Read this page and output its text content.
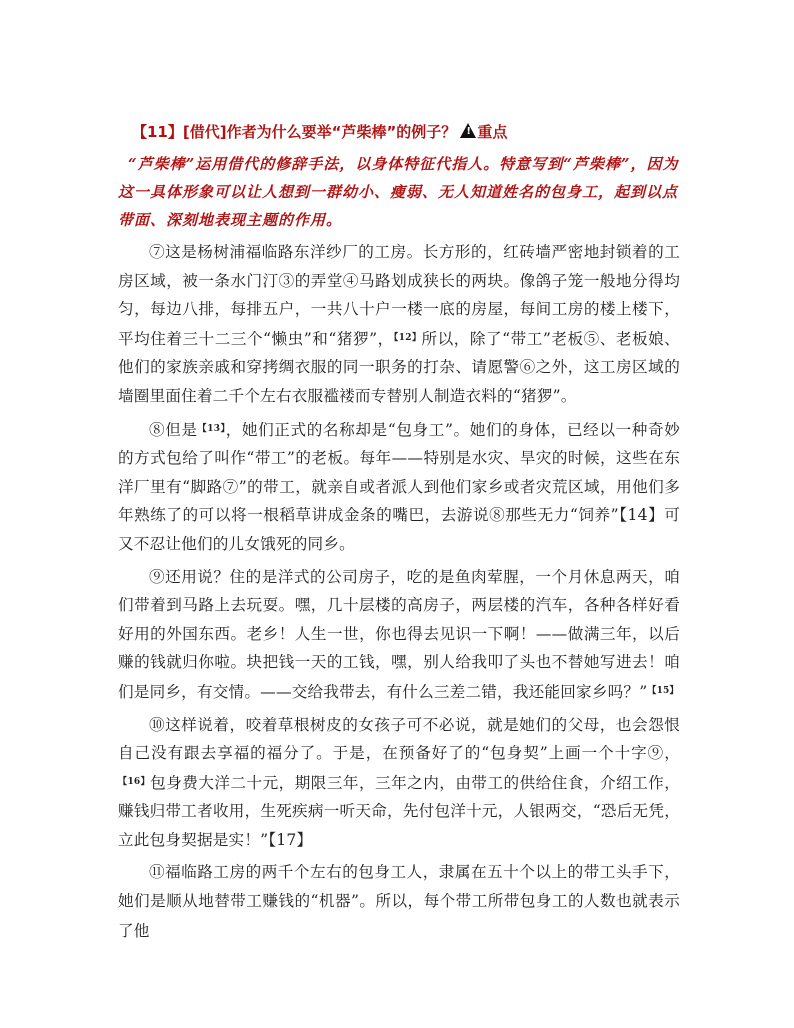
【11】[借代]作者为什么要举“芦柴棒”的例子？! 重点

“芦柴棒”运用借代的修辞手法，以身体特征代指人。特意写到“芦柴棒”，因为这一具体形象可以让人想到一群幼小、瘦弱、无人知道姓名的包身工，起到以点带面、深刻地表现主题的作用。

⑦这是杨树浦福临路东洋纱厂的工房。长方形的，红砖墙严密地封锁着的工房区域，被一条水门汀③的弄堂④马路划成狭长的两块。像鸽子笼一般地分得均匀，每边八排，每排五户，一共八十户一楼一底的房屋，每间工房的楼上楼下，平均住着三十二三个“懒虫”和“猪猡”，$^{【12】}$所以，除了“带工”老板⑤、老板娘、他们的家族亲戚和穿拷绸衣服的同一职务的打杂、请愿警⑥之外，这工房区域的墙圈里面住着二千个左右衣服褴褛而专替别人制造衣料的“猪猡”。

⑧但是$^{【13】}$，她们正式的名称却是“包身工”。她们的身体，已经以一种奇妙的方式包给了叫作“带工”的老板。每年——特别是水灾、旱灾的时候，这些在东洋厂里有“脚路⑦”的带工，就亲自或者派人到他们家乡或者灾荒区域，用他们多年熟练了的可以将一根稻草讲成金条的嘴巴，去游说⑧那些无力“饲养”【14】可又不忍让他们的儿女饿死的同乡。

⑨还用说？住的是洋式的公司房子，吃的是鱼肉荤腥，一个月休息两天，咱们带着到马路上去玩耍。嘿，几十层楼的高房子，两层楼的汽车，各种各样好看好用的外国东西。老乡！人生一世，你也得去见识一下啊！——做满三年，以后赚的钱就归你啦。块把钱一天的工钱，嘿，别人给我叩了头也不替她写进去！咱们是同乡，有交情。——交给我带去，有什么三差二错，我还能回家乡吗？”$^{【15】}$

⑩这样说着，咬着草根树皮的女孩子可不必说，就是她们的父母，也会怨恨自己没有跟去享福的福分了。于是，在预备好了的“包身契”上画一个十字⑨，$^{【16】}$包身费大洋二十元，期限三年，三年之内，由带工的供给住食，介绍工作，赚钱归带工者收用，生死疾病一听天命，先付包洋十元，人银两交，“恐后无凭，立此包身契据是实！”【17】

⑪福临路工房的两千个左右的包身工人，隶属在五十个以上的带工头手下，她们是顺从地替带工赚钱的“机器”。所以，每个带工所带包身工的人数也就表示了他
